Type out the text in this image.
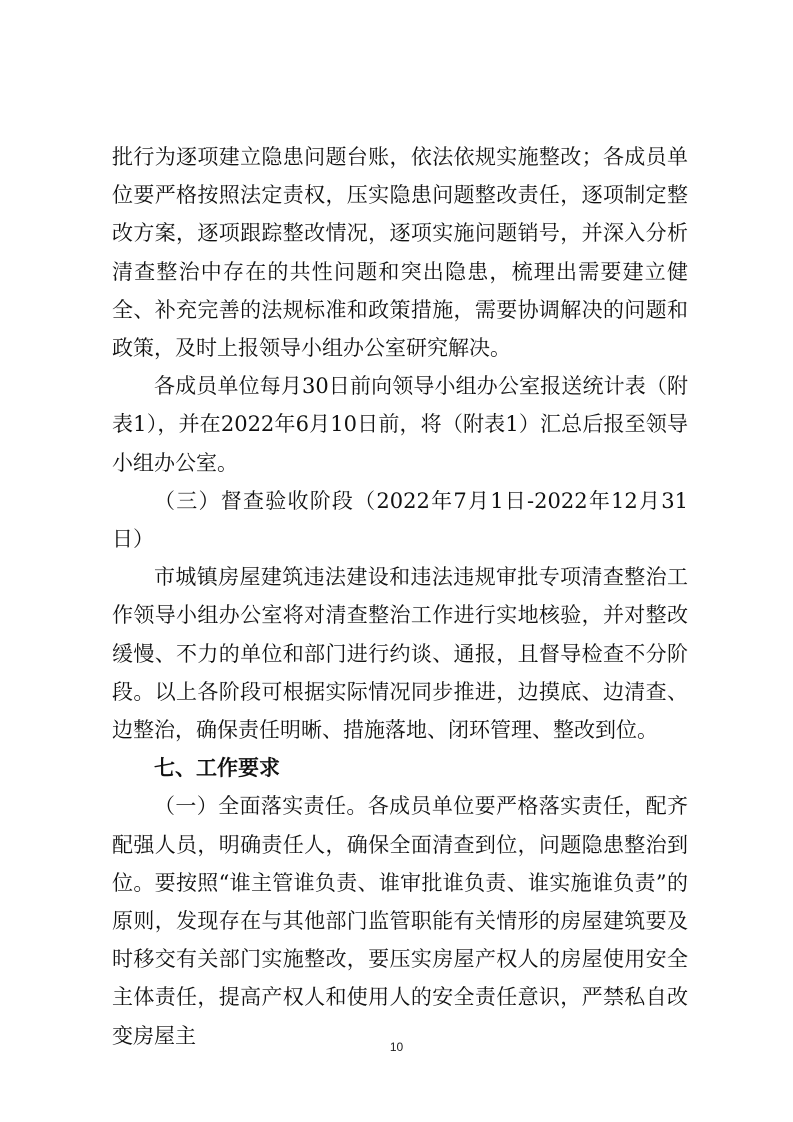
批行为逐项建立隐患问题台账，依法依规实施整改；各成员单位要严格按照法定责权，压实隐患问题整改责任，逐项制定整改方案，逐项跟踪整改情况，逐项实施问题销号，并深入分析清查整治中存在的共性问题和突出隐患，梳理出需要建立健全、补充完善的法规标准和政策措施，需要协调解决的问题和政策，及时上报领导小组办公室研究解决。

各成员单位每月30日前向领导小组办公室报送统计表（附表1），并在2022年6月10日前，将（附表1）汇总后报至领导小组办公室。

（三）督查验收阶段（2022年7月1日-2022年12月31日）

市城镇房屋建筑违法建设和违法违规审批专项清查整治工作领导小组办公室将对清查整治工作进行实地核验，并对整改缓慢、不力的单位和部门进行约谈、通报，且督导检查不分阶段。以上各阶段可根据实际情况同步推进，边摸底、边清查、边整治，确保责任明晰、措施落地、闭环管理、整改到位。

七、工作要求

（一）全面落实责任。各成员单位要严格落实责任，配齐配强人员，明确责任人，确保全面清查到位，问题隐患整治到位。要按照“谁主管谁负责、谁审批谁负责、谁实施谁负责”的原则，发现存在与其他部门监管职能有关情形的房屋建筑要及时移交有关部门实施整改，要压实房屋产权人的房屋使用安全主体责任，提高产权人和使用人的安全责任意识，严禁私自改变房屋主	10
